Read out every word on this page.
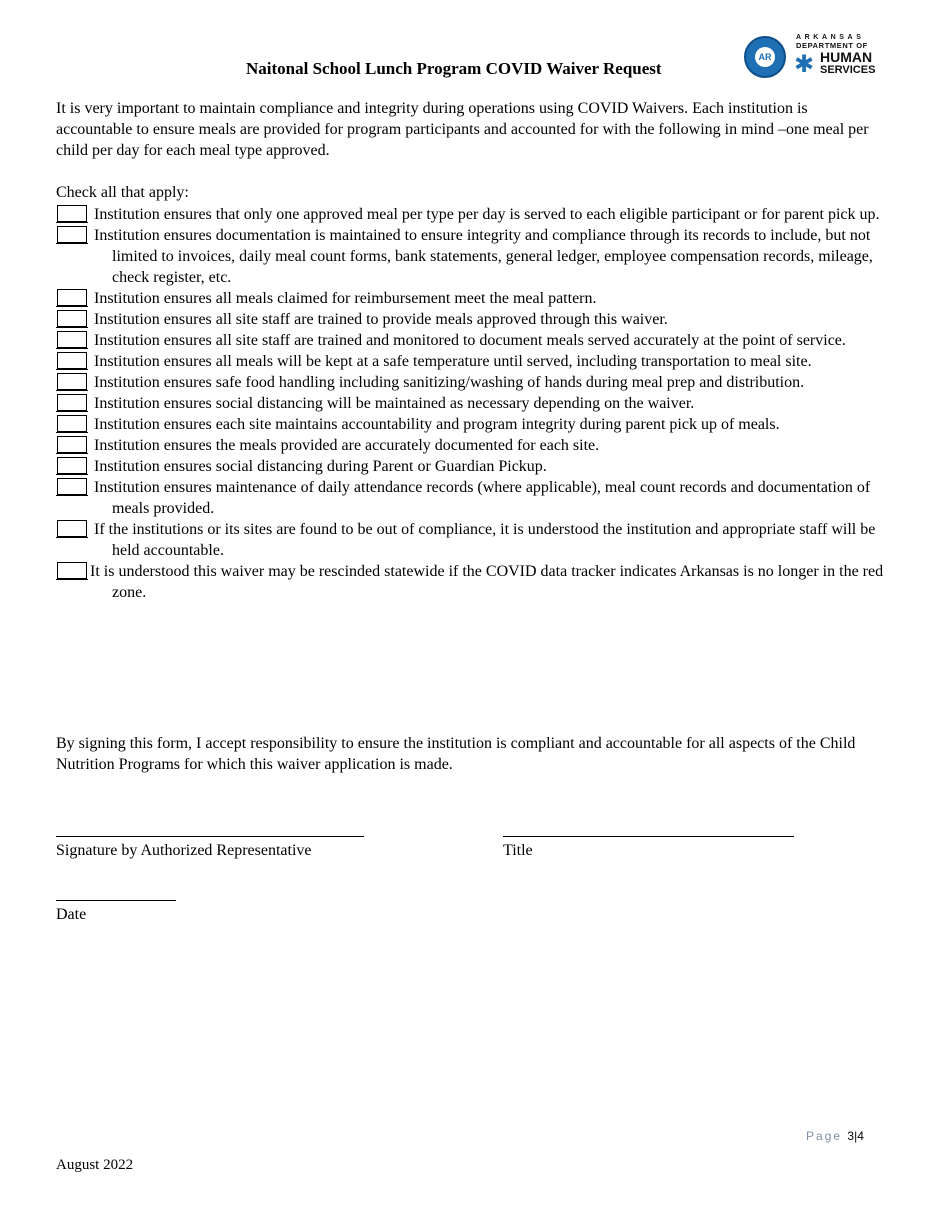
Naitonal School Lunch Program COVID Waiver Request
AR ✱
ARKANSAS
DEPARTMENT OF
HUMAN
SERVICES
It is very important to maintain compliance and integrity during operations using COVID Waivers. Each institution is accountable to ensure meals are provided for program participants and accounted for with the following in mind –one meal per child per day for each meal type approved.
Check all that apply:
Institution ensures that only one approved meal per type per day is served to each eligible participant or for parent pick up.
Institution ensures documentation is maintained to ensure integrity and compliance through its records to include, but not limited to invoices, daily meal count forms, bank statements, general ledger, employee compensation records, mileage, check register, etc.
Institution ensures all meals claimed for reimbursement meet the meal pattern.
Institution ensures all site staff are trained to provide meals approved through this waiver.
Institution ensures all site staff are trained and monitored to document meals served accurately at the point of service.
Institution ensures all meals will be kept at a safe temperature until served, including transportation to meal site.
Institution ensures safe food handling including sanitizing/washing of hands during meal prep and distribution.
Institution ensures social distancing will be maintained as necessary depending on the waiver.
Institution ensures each site maintains accountability and program integrity during parent pick up of meals.
Institution ensures the meals provided are accurately documented for each site.
Institution ensures social distancing during Parent or Guardian Pickup.
Institution ensures maintenance of daily attendance records (where applicable), meal count records and documentation of meals provided.
If the institutions or its sites are found to be out of compliance, it is understood the institution and appropriate staff will be held accountable.
It is understood this waiver may be rescinded statewide if the COVID data tracker indicates Arkansas is no longer in the red zone.
By signing this form, I accept responsibility to ensure the institution is compliant and accountable for all aspects of the Child Nutrition Programs for which this waiver application is made.
Signature by Authorized Representative	Title
Date
Page 3|4
August 2022
